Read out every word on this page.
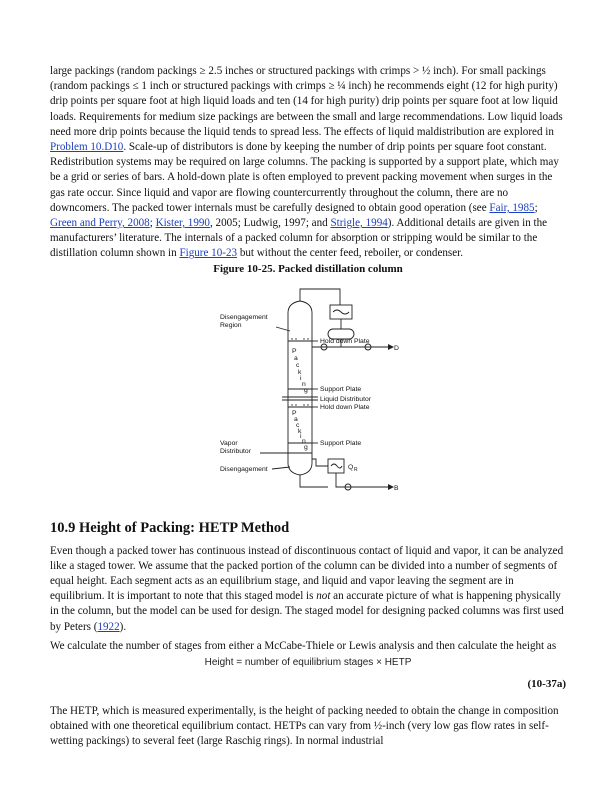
large packings (random packings ≥ 2.5 inches or structured packings with crimps > ½ inch). For small packings (random packings ≤ 1 inch or structured packings with crimps ≥ ¼ inch) he recommends eight (12 for high purity) drip points per square foot at high liquid loads and ten (14 for high purity) drip points per square foot at low liquid loads. Requirements for medium size packings are between the small and large recommendations. Low liquid loads need more drip points because the liquid tends to spread less. The effects of liquid maldistribution are explored in Problem 10.D10. Scale-up of distributors is done by keeping the number of drip points per square foot constant. Redistribution systems may be required on large columns. The packing is supported by a support plate, which may be a grid or series of bars. A hold-down plate is often employed to prevent packing movement when surges in the gas rate occur. Since liquid and vapor are flowing countercurrently throughout the column, there are no downcomers. The packed tower internals must be carefully designed to obtain good operation (see Fair, 1985; Green and Perry, 2008; Kister, 1990, 2005; Ludwig, 1997; and Strigle, 1994). Additional details are given in the manufacturers’ literature. The internals of a packed column for absorption or stripping would be similar to the distillation column shown in Figure 10-23 but without the center feed, reboiler, or condenser.

Figure 10-25. Packed distillation column

Disengagement
Region
Hold down Plate
Support Plate
Liquid Distributor
Hold down Plate
Support Plate
Vapor
Distributor
Disengagement
D
B
Q R
P
a
c
k
i
n
g
P
a
c
k
i
n
g
10.9 Height of Packing: HETP Method

Even though a packed tower has continuous instead of discontinuous contact of liquid and vapor, it can be analyzed like a staged tower. We assume that the packed portion of the column can be divided into a number of segments of equal height. Each segment acts as an equilibrium stage, and liquid and vapor leaving the segment are in equilibrium. It is important to note that this staged model is not an accurate picture of what is happening physically in the column, but the model can be used for design. The staged model for designing packed columns was first used by Peters (1922).

We calculate the number of stages from either a McCabe-Thiele or Lewis analysis and then calculate the height as

Height = number of equilibrium stages × HETP

(10-37a)

The HETP, which is measured experimentally, is the height of packing needed to obtain the change in composition obtained with one theoretical equilibrium contact. HETPs can vary from ½-inch (very low gas flow rates in self-wetting packings) to several feet (large Raschig rings). In normal industrial
